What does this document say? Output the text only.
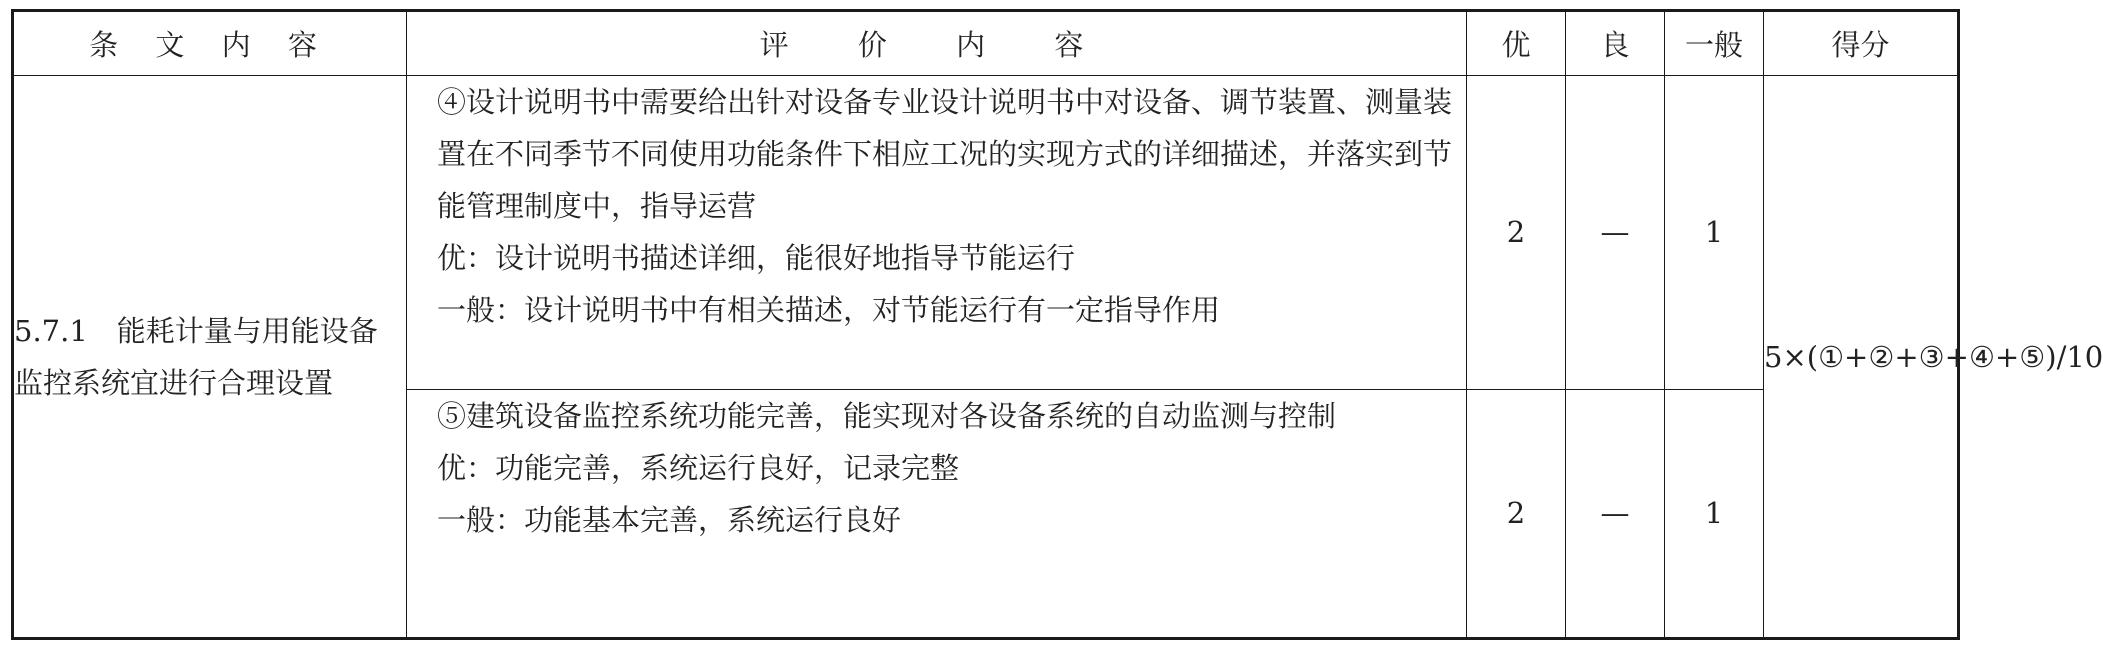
条 文 内 容	评 价 内 容	优	良	一般	得分
5.7.1　能耗计量与用能设备监控系统宜进行合理设置	④设计说明书中需要给出针对设备专业设计说明书中对设备、调节装置、测量装置在不同季节不同使用功能条件下相应工况的实现方式的详细描述，并落实到节能管理制度中，指导运营
优：设计说明书描述详细，能很好地指导节能运行
一般：设计说明书中有相关描述，对节能运行有一定指导作用	2	—	1	5×(①+②+③+④+⑤)/10

	⑤建筑设备监控系统功能完善，能实现对各设备系统的自动监测与控制
优：功能完善，系统运行良好，记录完整
一般：功能基本完善，系统运行良好	2	—	1	
